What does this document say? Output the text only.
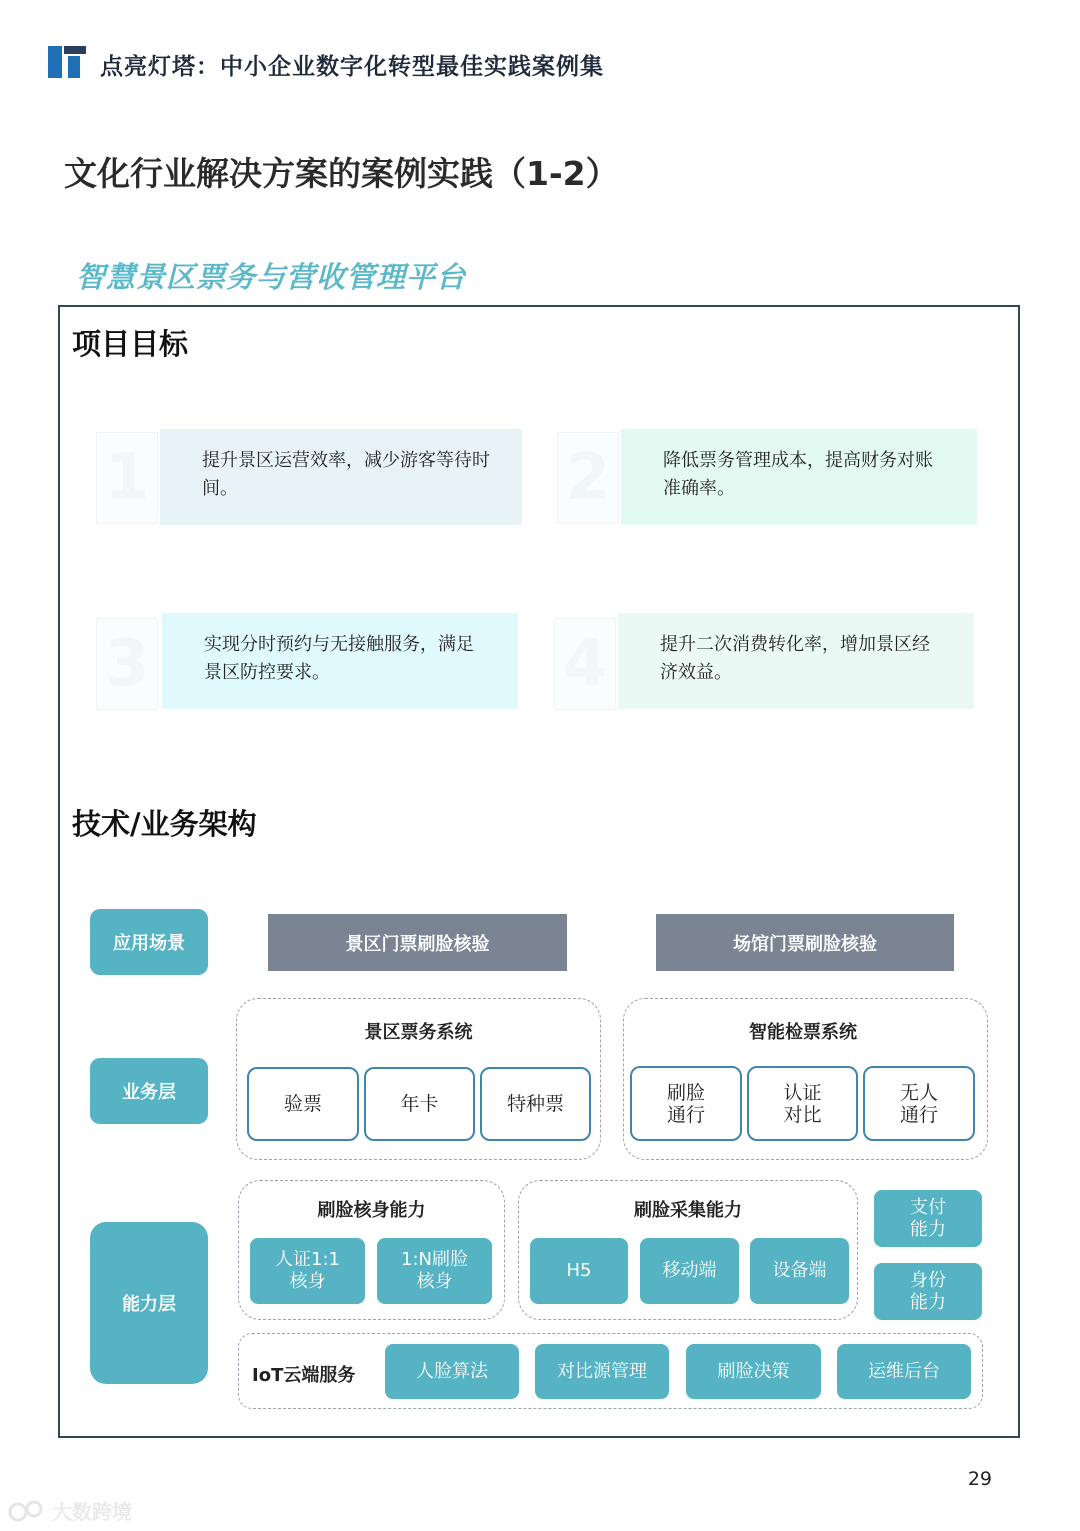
点亮灯塔：中小企业数字化转型最佳实践案例集
文化行业解决方案的案例实践（1-2）
智慧景区票务与营收管理平台
项目目标
1	提升景区运营效率，减少游客等待时间。	2	降低票务管理成本，提高财务对账准确率。
3	实现分时预约与无接触服务，满足景区防控要求。	4	提升二次消费转化率，增加景区经济效益。
技术/业务架构
应用场景
业务层
能力层
景区门票刷脸核验	场馆门票刷脸核验
景区票务系统
验票	年卡	特种票
智能检票系统
刷脸
通行
认证
对比
无人
通行
刷脸核身能力
人证1:1
核身
1:N刷脸
核身
刷脸采集能力
H5	移动端	设备端
支付
能力
身份
能力
IoT云端服务	人脸算法	对比源管理	刷脸决策	运维后台
29
大数跨境
